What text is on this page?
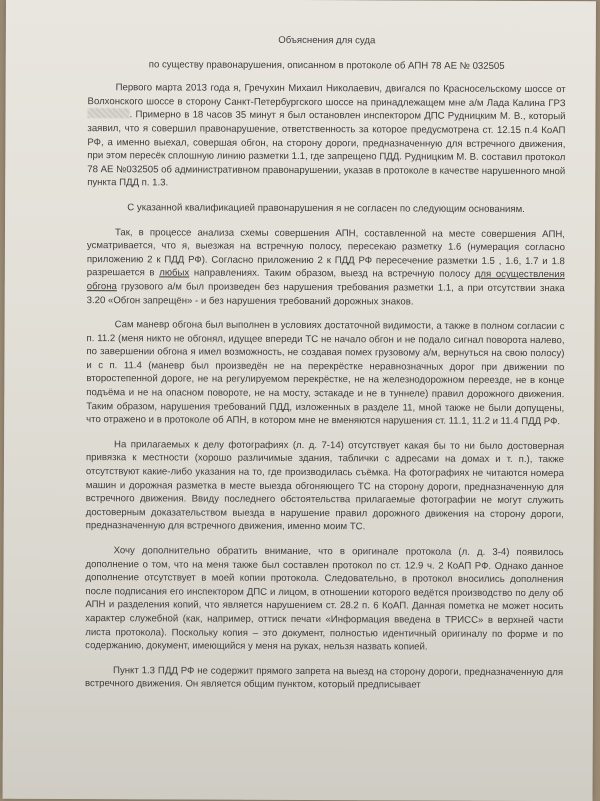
Объяснения для суда
по существу правонарушения, описанном в протоколе об АПН 78 АЕ № 032505

Первого марта 2013 года я, Гречухин Михаил Николаевич, двигался по Красносельскому шоссе от Волхонского шоссе в сторону Санкт-Петербургского шоссе на принадлежащем мне а/м Лада Калина ГРЗ . Примерно в 18 часов 35 минут я был остановлен инспектором ДПС Рудницким М. В., который заявил, что я совершил правонарушение, ответственность за которое предусмотрена ст. 12.15 п.4 КоАП РФ, а именно выехал, совершая обгон, на сторону дороги, предназначенную для встречного движения, при этом пересёк сплошную линию разметки 1.1, где запрещено ПДД. Рудницким М. В. составил протокол 78 АЕ №032505 об административном правонарушении, указав в протоколе в качестве нарушенного мной пункта ПДД п. 1.3.

С указанной квалификацией правонарушения я не согласен по следующим основаниям.

Так, в процессе анализа схемы совершения АПН, составленной на месте совершения АПН, усматривается, что я, выезжая на встречную полосу, пересекаю разметку 1.6 (нумерация согласно приложению 2 к ПДД РФ). Согласно приложению 2 к ПДД РФ пересечение разметки 1.5 , 1.6, 1.7 и 1.8 разрешается в любых направлениях. Таким образом, выезд на встречную полосу для осуществления обгона грузового а/м был произведен без нарушения требования разметки 1.1, а при отсутствии знака 3.20 «Обгон запрещён» - и без нарушения требований дорожных знаков.

Сам маневр обгона был выполнен в условиях достаточной видимости, а также в полном согласии с п. 11.2 (меня никто не обгонял, идущее впереди ТС не начало обгон и не подало сигнал поворота налево, по завершении обгона я имел возможность, не создавая помех грузовому а/м, вернуться на свою полосу) и с п. 11.4 (маневр был произведён не на перекрёстке неравнозначных дорог при движении по второстепенной дороге, не на регулируемом перекрёстке, не на железнодорожном переезде, не в конце подъёма и не на опасном повороте, не на мосту, эстакаде и не в туннеле) правил дорожного движения. Таким образом, нарушения требований ПДД, изложенных в разделе 11, мной также не были допущены, что отражено и в протоколе об АПН, в котором мне не вменяются нарушения ст. 11.1, 11.2 и 11.4 ПДД РФ.

На прилагаемых к делу фотографиях (л. д. 7-14) отсутствует какая бы то ни было достоверная привязка к местности (хорошо различимые здания, таблички с адресами на домах и т. п.), также отсутствуют какие-либо указания на то, где производилась съёмка. На фотографиях не читаются номера машин и дорожная разметка в месте выезда обгоняющего ТС на сторону дороги, предназначенную для встречного движения. Ввиду последнего обстоятельства прилагаемые фотографии не могут служить достоверным доказательством выезда в нарушение правил дорожного движения на сторону дороги, предназначенную для встречного движения, именно моим ТС.

Хочу дополнительно обратить внимание, что в оригинале протокола (л. д. 3-4) появилось дополнение о том, что на меня также был составлен протокол по ст. 12.9 ч. 2 КоАП РФ. Однако данное дополнение отсутствует в моей копии протокола. Следовательно, в протокол вносились дополнения после подписания его инспектором ДПС и лицом, в отношении которого ведётся производство по делу об АПН и разделения копий, что является нарушением ст. 28.2 п. 6 КоАП. Данная пометка не может носить характер служебной (как, например, оттиск печати «Информация введена в ТРИСС» в верхней части листа протокола). Поскольку копия – это документ, полностью идентичный оригиналу по форме и по содержанию, документ, имеющийся у меня на руках, нельзя назвать копией.

Пункт 1.3 ПДД РФ не содержит прямого запрета на выезд на сторону дороги, предназначенную для встречного движения. Он является общим пунктом, который предписывает
